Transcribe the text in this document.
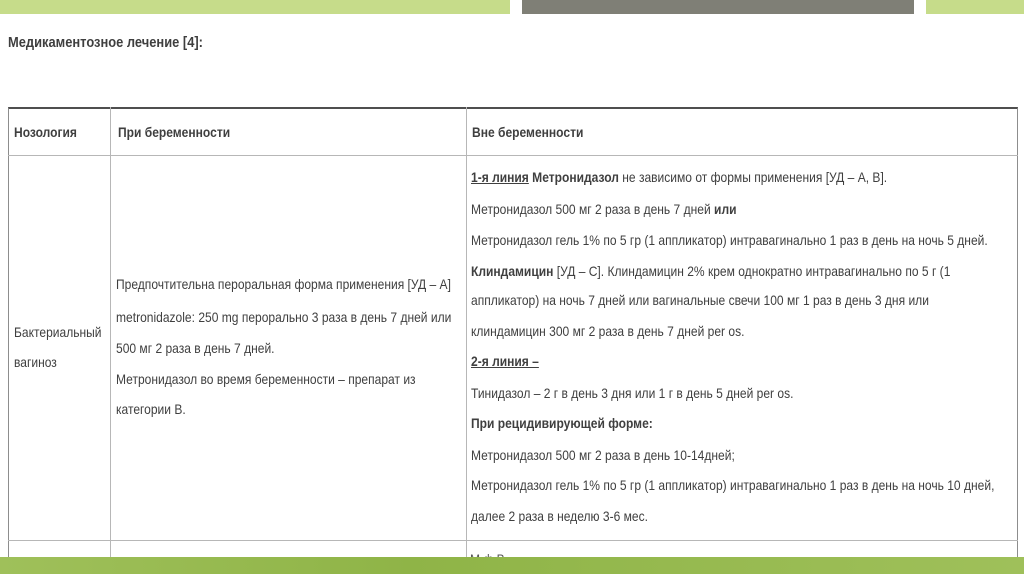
Медикаментозное лечение [4]:
Нозология	При беременности	Вне беременности
Бактериальный
вагиноз
Предпочтительна пероральная форма применения [УД – А]
metronidazole: 250 mg перорально 3 раза в день 7 дней или
500 мг 2 раза в день 7 дней.
Метронидазол во время беременности – препарат из
категории В.
1-я линия Метронидазол не зависимо от формы применения [УД – А, В].
Метронидазол 500 мг 2 раза в день 7 дней или
Метронидазол гель 1% по 5 гр (1 аппликатор) интравагинально 1 раз в день на ночь 5 дней.
Клиндамицин [УД – С]. Клиндамицин 2% крем однократно интравагинально по 5 г (1
аппликатор) на ночь 7 дней или вагинальные свечи 100 мг 1 раз в день 3 дня или
клиндамицин 300 мг 2 раза в день 7 дней per os.
2-я линия –
Тинидазол – 2 г в день 3 дня или 1 г в день 5 дней per os.
При рецидивирующей форме:
Метронидазол 500 мг 2 раза в день 10-14дней;
Метронидазол гель 1% по 5 гр (1 аппликатор) интравагинально 1 раз в день на ночь 10 дней,
далее 2 раза в неделю 3-6 мес.
